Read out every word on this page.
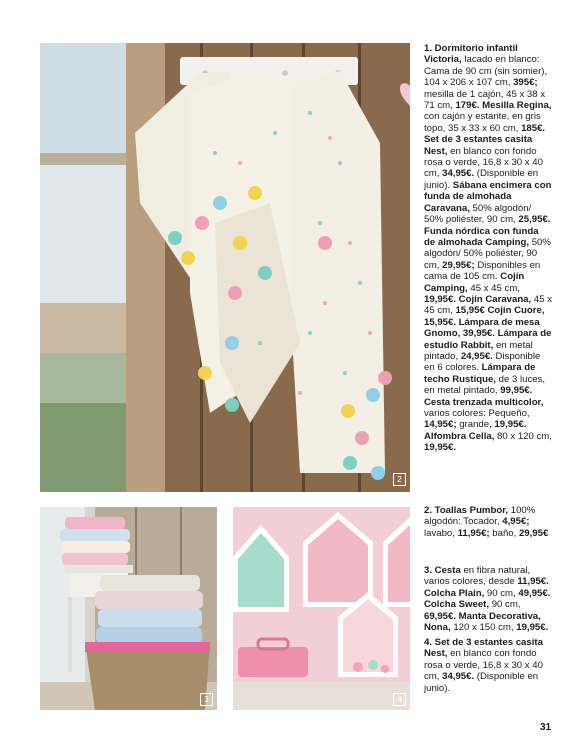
2
3	4

1. Dormitorio infantil Victoria, lacado en blanco: Cama de 90 cm (sin somier), 104 x 206 x 107 cm, 395€; mesilla de 1 cajón, 45 x 38 x 71 cm, 179€. Mesilla Regina, con cajón y estante, en gris topo, 35 x 33 x 60 cm, 185€. Set de 3 estantes casita Nest, en blanco con fondo rosa o verde, 16,8 x 30 x 40 cm, 34,95€. (Disponible en junio). Sábana encimera con funda de almohada Caravana, 50% algodón/ 50% poliéster, 90 cm, 25,95€. Funda nórdica con funda de almohada Camping, 50% algodón/ 50% poliéster, 90 cm, 29,95€; Disponibles en cama de 105 cm. Cojín Camping, 45 x 45 cm, 19,95€. Cojín Caravana, 45 x 45 cm, 15,95€ Cojín Cuore, 15,95€. Lámpara de mesa Gnomo, 39,95€. Lámpara de estudio Rabbit, en metal pintado, 24,95€. Disponible en 6 colores. Lámpara de techo Rustique, de 3 luces, en metal pintado, 99,95€. Cesta trenzada multicolor, varios colores: Pequeño, 14,95€; grande, 19,95€. Alfombra Cella, 80 x 120 cm, 19,95€.

2. Toallas Pumbor, 100% algodón: Tocador, 4,95€; lavabo, 11,95€; baño, 29,95€

3. Cesta en fibra natural, varios colores, desde 11,95€. Colcha Plain, 90 cm, 49,95€. Colcha Sweet, 90 cm, 69,95€. Manta Decorativa, Nona, 120 x 150 cm, 19,95€.

4. Set de 3 estantes casita Nest, en blanco con fondo rosa o verde, 16,8 x 30 x 40 cm, 34,95€. (Disponible en junio).

31
